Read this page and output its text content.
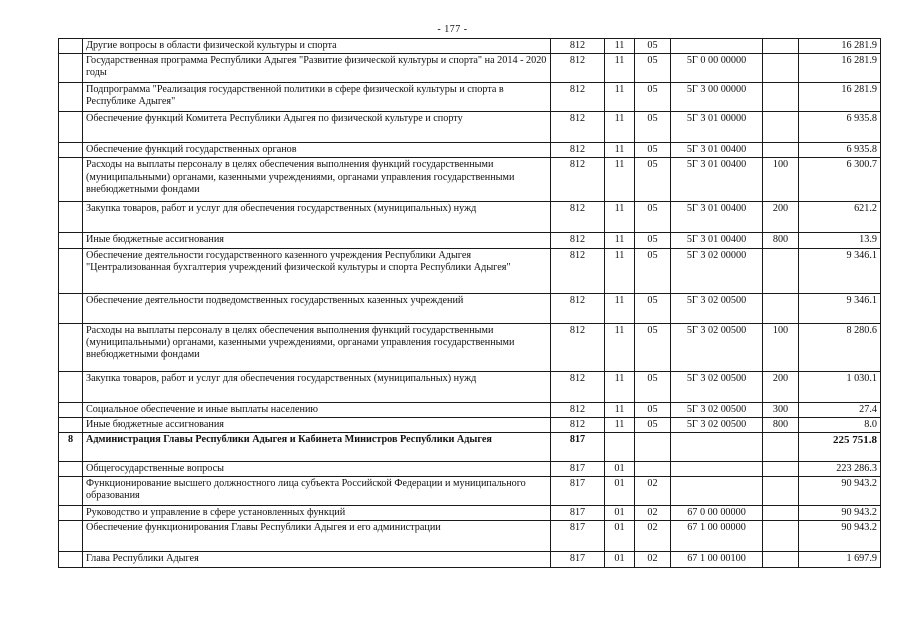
- 177 -
	Другие вопросы в области физической культуры и спорта	812	11	05			16 281.9
	Государственная программа Республики Адыгея "Развитие физической культуры и спорта" на 2014 - 2020 годы	812	11	05	5Г 0 00 00000		16 281.9
	Подпрограмма "Реализация государственной политики в сфере физической культуры и спорта в Республике Адыгея"	812	11	05	5Г 3 00 00000		16 281.9
	Обеспечение функций Комитета Республики Адыгея по физической культуре и спорту	812	11	05	5Г 3 01 00000		6 935.8
	Обеспечение функций государственных органов	812	11	05	5Г 3 01 00400		6 935.8
	Расходы на выплаты персоналу в целях обеспечения выполнения функций государственными (муниципальными) органами, казенными учреждениями, органами управления государственными внебюджетными фондами	812	11	05	5Г 3 01 00400	100	6 300.7
	Закупка товаров, работ и услуг для обеспечения государственных (муниципальных) нужд	812	11	05	5Г 3 01 00400	200	621.2
	Иные бюджетные ассигнования	812	11	05	5Г 3 01 00400	800	13.9
	Обеспечение деятельности государственного казенного учреждения Республики Адыгея "Централизованная бухгалтерия учреждений физической культуры и спорта Республики Адыгея"	812	11	05	5Г 3 02 00000		9 346.1
	Обеспечение деятельности подведомственных государственных казенных учреждений	812	11	05	5Г 3 02 00500		9 346.1
	Расходы на выплаты персоналу в целях обеспечения выполнения функций государственными (муниципальными) органами, казенными учреждениями, органами управления государственными внебюджетными фондами	812	11	05	5Г 3 02 00500	100	8 280.6
	Закупка товаров, работ и услуг для обеспечения государственных (муниципальных) нужд	812	11	05	5Г 3 02 00500	200	1 030.1
	Социальное обеспечение и иные выплаты населению	812	11	05	5Г 3 02 00500	300	27.4
	Иные бюджетные ассигнования	812	11	05	5Г 3 02 00500	800	8.0
8	Администрация Главы Республики Адыгея и Кабинета Министров Республики Адыгея	817					225 751.8
	Общегосударственные вопросы	817	01				223 286.3
	Функционирование высшего должностного лица субъекта Российской Федерации и муниципального образования	817	01	02			90 943.2
	Руководство и управление в сфере установленных функций	817	01	02	67 0 00 00000		90 943.2
	Обеспечение функционирования Главы Республики Адыгея и его администрации	817	01	02	67 1 00 00000		90 943.2
	Глава Республики Адыгея	817	01	02	67 1 00 00100		1 697.9
